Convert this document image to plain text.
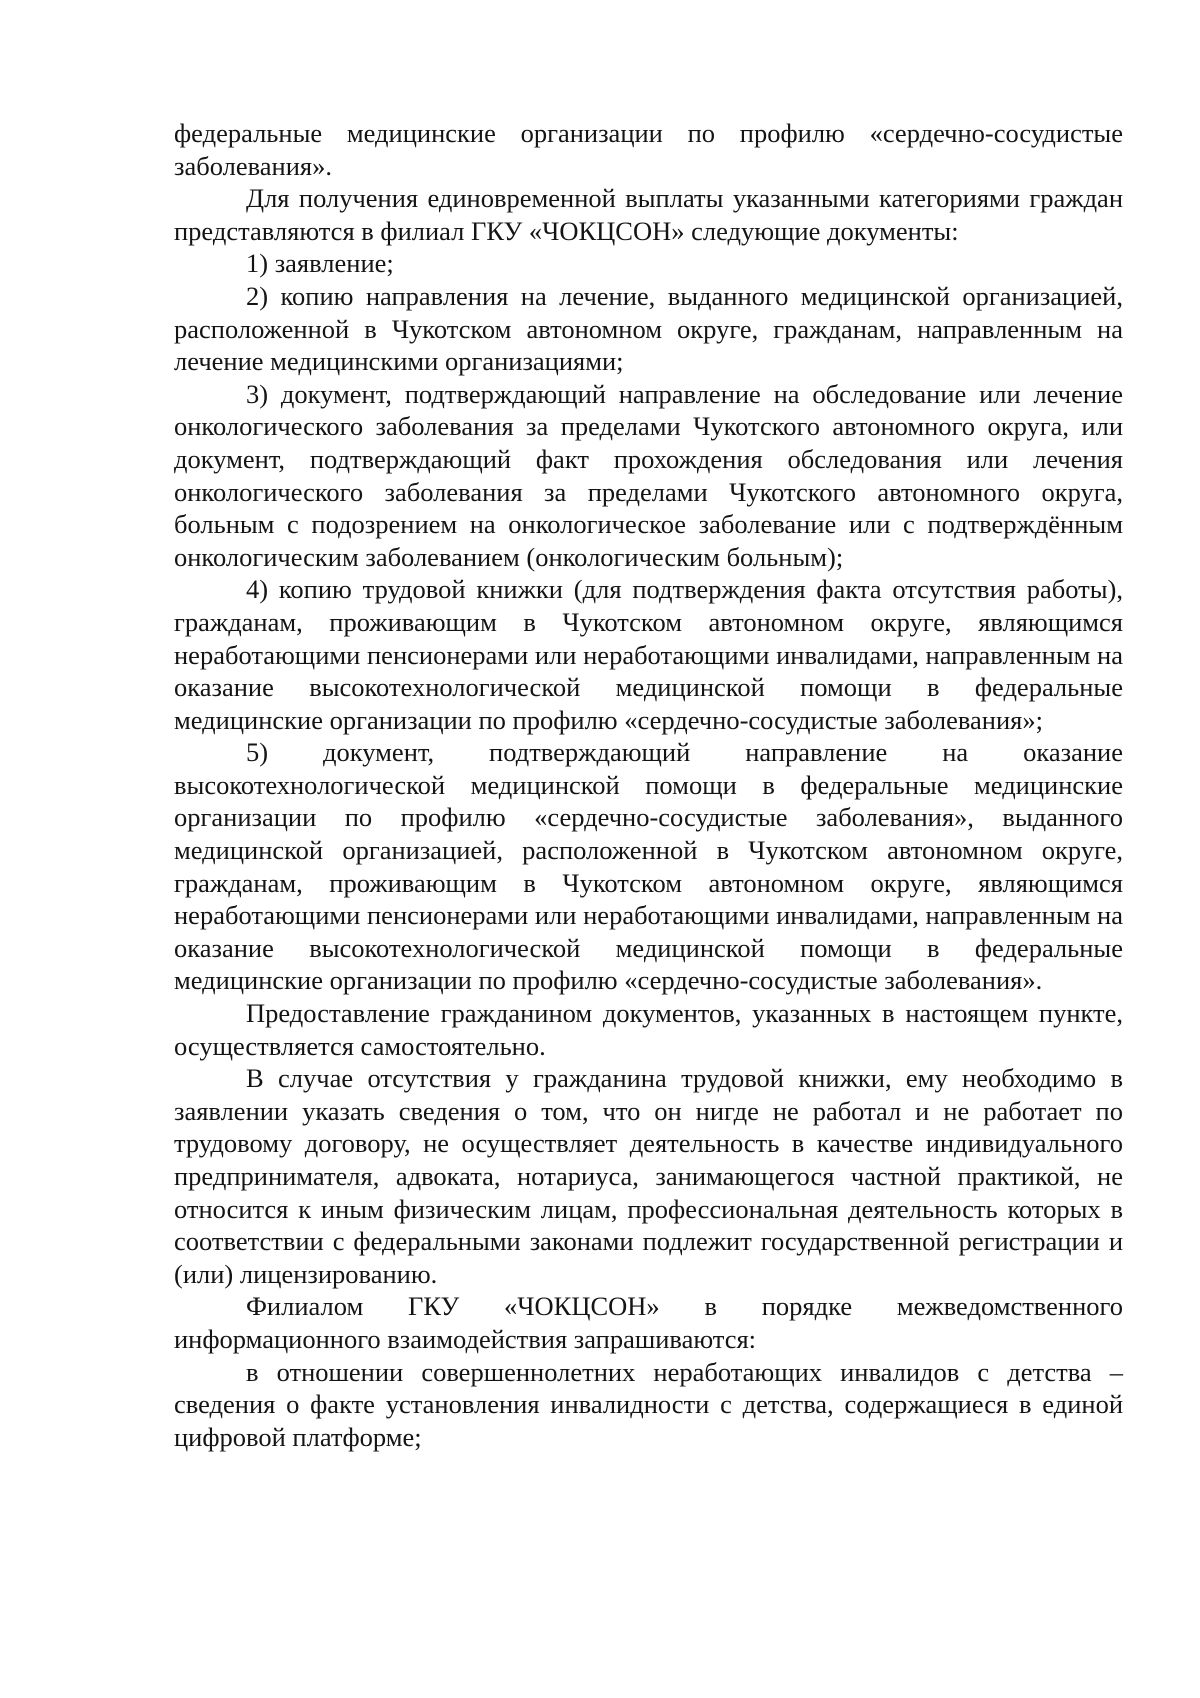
федеральные медицинские организации по профилю «сердечно-сосудистые заболевания».

Для получения единовременной выплаты указанными категориями граждан представляются в филиал ГКУ «ЧОКЦСОН» следующие документы:

1) заявление;

2) копию направления на лечение, выданного медицинской организацией, расположенной в Чукотском автономном округе, гражданам, направленным на лечение медицинскими организациями;

3) документ, подтверждающий направление на обследование или лечение онкологического заболевания за пределами Чукотского автономного округа, или документ, подтверждающий факт прохождения обследования или лечения онкологического заболевания за пределами Чукотского автономного округа, больным с подозрением на онкологическое заболевание или с подтверждённым онкологическим заболеванием (онкологическим больным);

4) копию трудовой книжки (для подтверждения факта отсутствия работы), гражданам, проживающим в Чукотском автономном округе, являющимся неработающими пенсионерами или неработающими инвалидами, направленным на оказание высокотехнологической медицинской помощи в федеральные медицинские организации по профилю «сердечно-сосудистые заболевания»;

5) документ, подтверждающий направление на оказание высокотехнологической медицинской помощи в федеральные медицинские организации по профилю «сердечно-сосудистые заболевания», выданного медицинской организацией, расположенной в Чукотском автономном округе, гражданам, проживающим в Чукотском автономном округе, являющимся неработающими пенсионерами или неработающими инвалидами, направленным на оказание высокотехнологической медицинской помощи в федеральные медицинские организации по профилю «сердечно-сосудистые заболевания».

Предоставление гражданином документов, указанных в настоящем пункте, осуществляется самостоятельно.

В случае отсутствия у гражданина трудовой книжки, ему необходимо в заявлении указать сведения о том, что он нигде не работал и не работает по трудовому договору, не осуществляет деятельность в качестве индивидуального предпринимателя, адвоката, нотариуса, занимающегося частной практикой, не относится к иным физическим лицам, профессиональная деятельность которых в соответствии с федеральными законами подлежит государственной регистрации и (или) лицензированию.

Филиалом ГКУ «ЧОКЦСОН» в порядке межведомственного информационного взаимодействия запрашиваются:

в отношении совершеннолетних неработающих инвалидов с детства – сведения о факте установления инвалидности с детства, содержащиеся в единой цифровой платформе;
